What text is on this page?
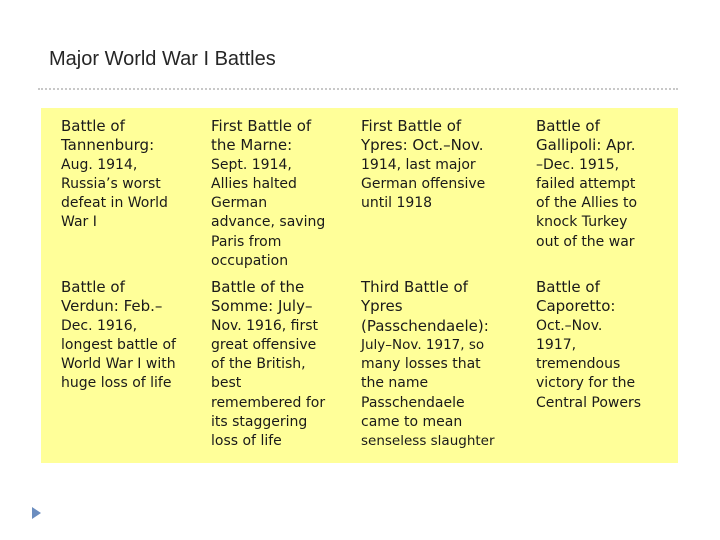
Major World War I Battles
Battle of
Tannenburg:
Aug. 1914,
Russia’s worst
defeat in World
War I
First Battle of
the Marne:
Sept. 1914,
Allies halted
German
advance, saving
Paris from
occupation
First Battle of
Ypres: Oct.–Nov.
1914, last major
German offensive
until 1918
Battle of
Gallipoli: Apr.
–Dec. 1915,
failed attempt
of the Allies to
knock Turkey
out of the war
Battle of
Verdun: Feb.–
Dec. 1916,
longest battle of
World War I with
huge loss of life
Battle of the
Somme: July–
Nov. 1916, first
great offensive
of the British,
best
remembered for
its staggering
loss of life
Third Battle of
Ypres
(Passchendaele):
July–Nov. 1917, so
many losses that
the name
Passchendaele
came to mean
senseless slaughter
Battle of
Caporetto:
Oct.–Nov.
1917,
tremendous
victory for the
Central Powers
